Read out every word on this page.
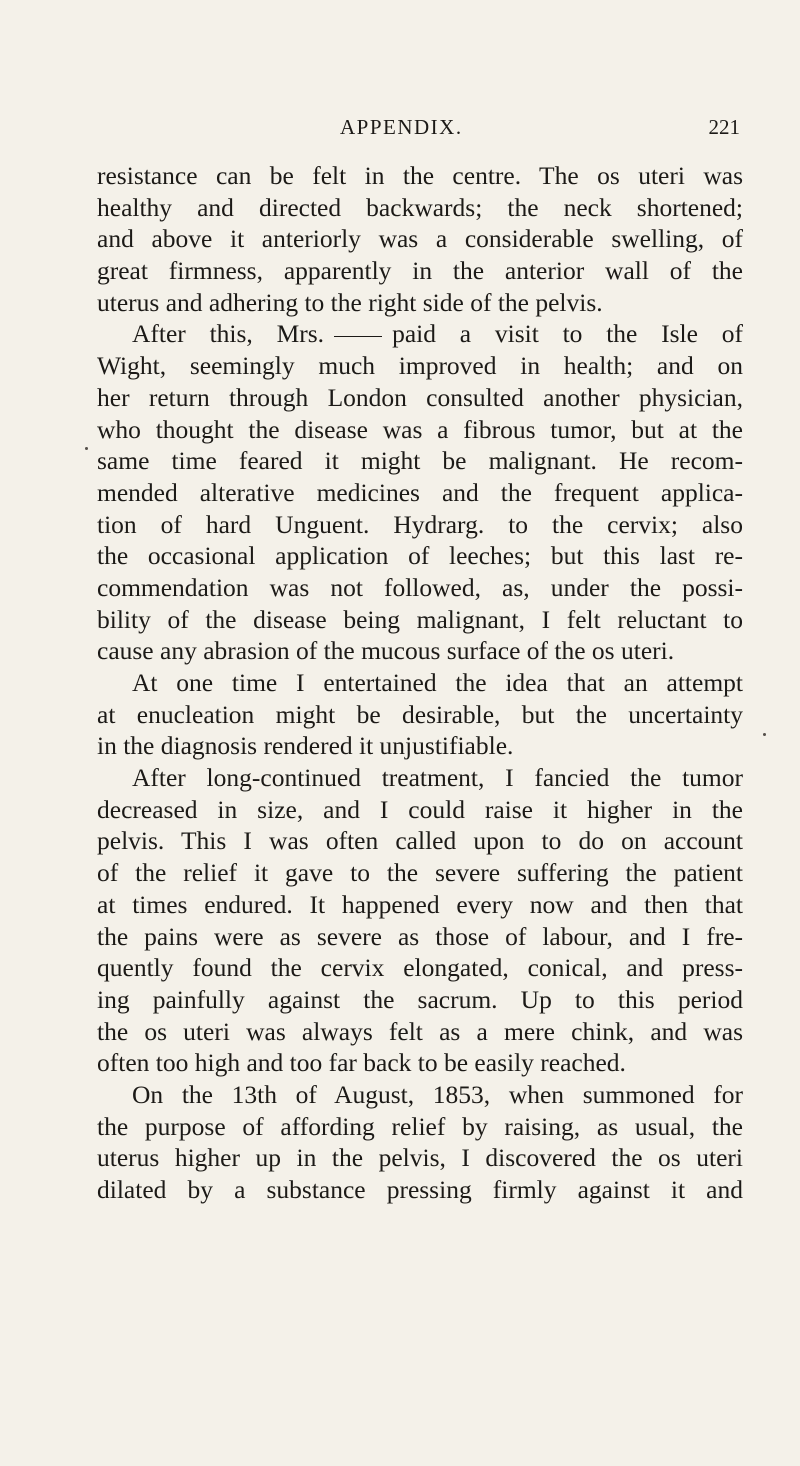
APPENDIX.	221
resistance can be felt in the centre. The os uteri was
healthy and directed backwards; the neck shortened;
and above it anteriorly was a considerable swelling, of
great firmness, apparently in the anterior wall of the
uterus and adhering to the right side of the pelvis.
After this, Mrs.	paid a visit to the Isle of
Wight, seemingly much improved in health; and on
her return through London consulted another physician,
who thought the disease was a fibrous tumor, but at the
same time feared it might be malignant. He recom-
mended alterative medicines and the frequent applica-
tion of hard Unguent. Hydrarg. to the cervix; also
the occasional application of leeches; but this last re-
commendation was not followed, as, under the possi-
bility of the disease being malignant, I felt reluctant to
cause any abrasion of the mucous surface of the os uteri.
At one time I entertained the idea that an attempt
at enucleation might be desirable, but the uncertainty
in the diagnosis rendered it unjustifiable.
After long-continued treatment, I fancied the tumor
decreased in size, and I could raise it higher in the
pelvis. This I was often called upon to do on account
of the relief it gave to the severe suffering the patient
at times endured. It happened every now and then that
the pains were as severe as those of labour, and I fre-
quently found the cervix elongated, conical, and press-
ing painfully against the sacrum. Up to this period
the os uteri was always felt as a mere chink, and was
often too high and too far back to be easily reached.
On the 13th of August, 1853, when summoned for
the purpose of affording relief by raising, as usual, the
uterus higher up in the pelvis, I discovered the os uteri
dilated by a substance pressing firmly against it and
